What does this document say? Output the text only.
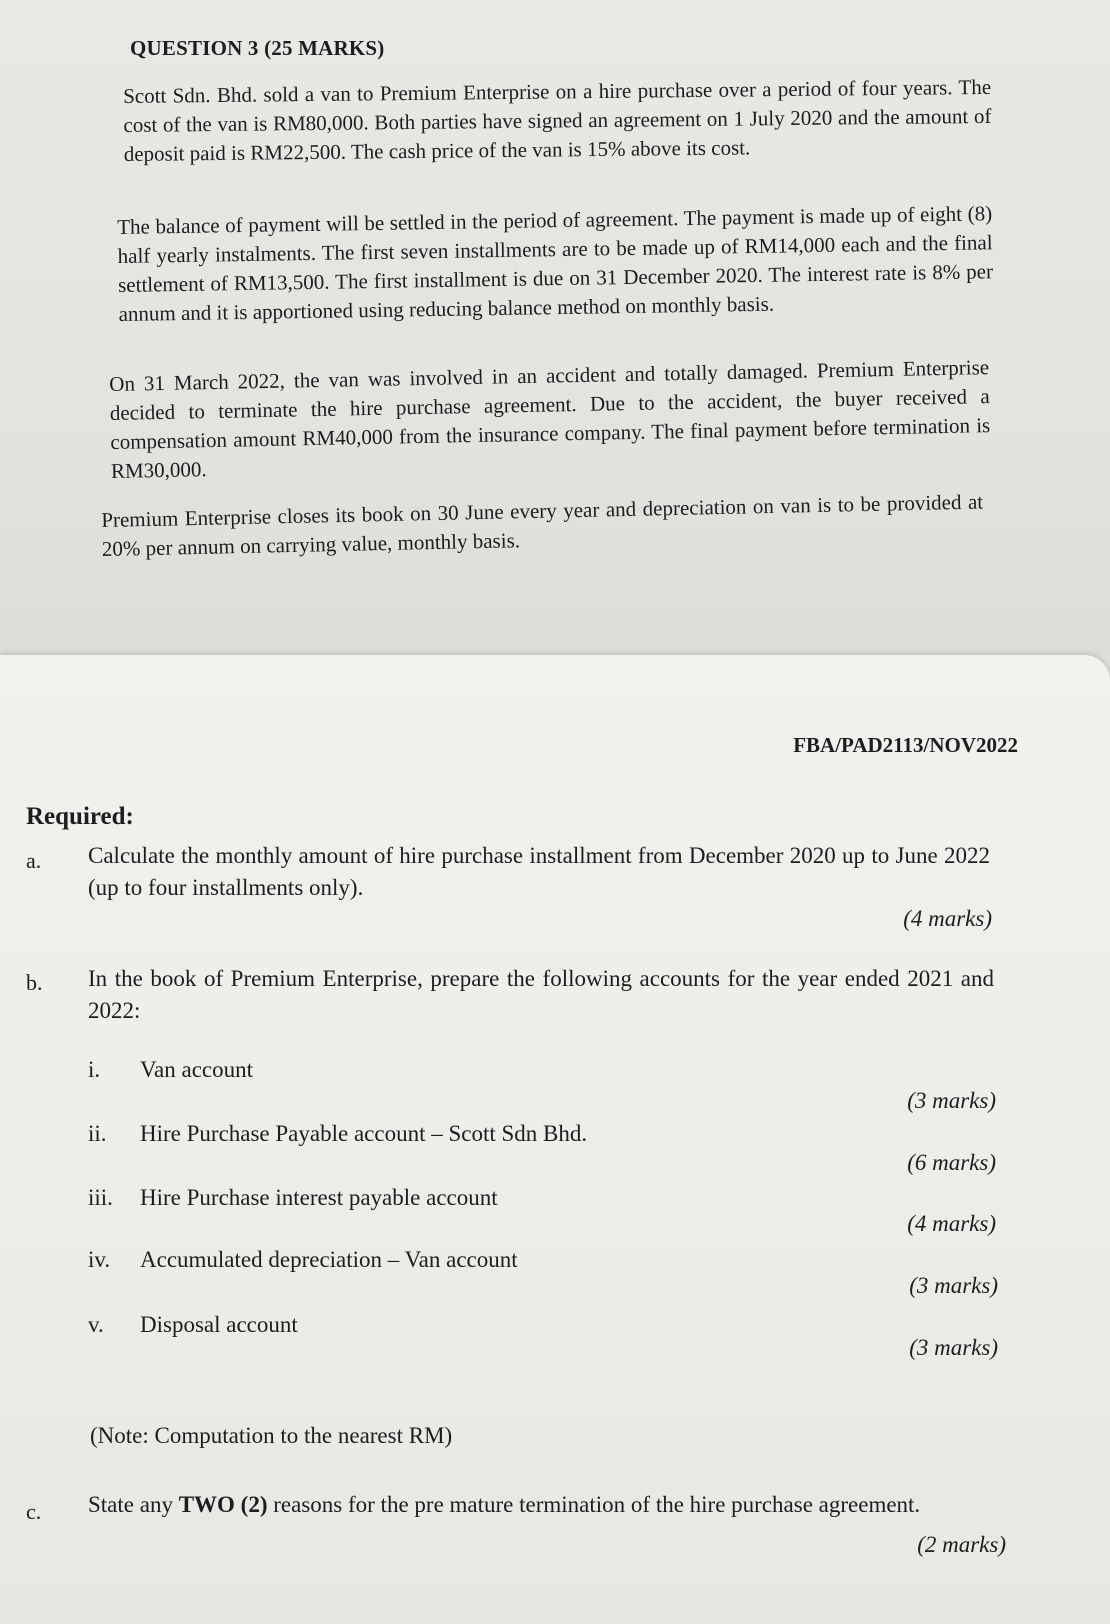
QUESTION 3 (25 MARKS)
Scott Sdn. Bhd. sold a van to Premium Enterprise on a hire purchase over a period of four years. The cost of the van is RM80,000. Both parties have signed an agreement on 1 July 2020 and the amount of deposit paid is RM22,500. The cash price of the van is 15% above its cost.
The balance of payment will be settled in the period of agreement. The payment is made up of eight (8) half yearly instalments. The first seven installments are to be made up of RM14,000 each and the final settlement of RM13,500. The first installment is due on 31 December 2020. The interest rate is 8% per annum and it is apportioned using reducing balance method on monthly basis.
On 31 March 2022, the van was involved in an accident and totally damaged. Premium Enterprise decided to terminate the hire purchase agreement. Due to the accident, the buyer received a compensation amount RM40,000 from the insurance company. The final payment before termination is RM30,000.
Premium Enterprise closes its book on 30 June every year and depreciation on van is to be provided at 20% per annum on carrying value, monthly basis.
FBA/PAD2113/NOV2022
Required:
a. Calculate the monthly amount of hire purchase installment from December 2020 up to June 2022 (up to four installments only).
(4 marks)
b. In the book of Premium Enterprise, prepare the following accounts for the year ended 2021 and 2022:
i. Van account
(3 marks)
ii. Hire Purchase Payable account – Scott Sdn Bhd.
(6 marks)
iii. Hire Purchase interest payable account
(4 marks)
iv. Accumulated depreciation – Van account
(3 marks)
v. Disposal account
(3 marks)
(Note: Computation to the nearest RM)
c. State any TWO (2) reasons for the pre mature termination of the hire purchase agreement.
(2 marks)
